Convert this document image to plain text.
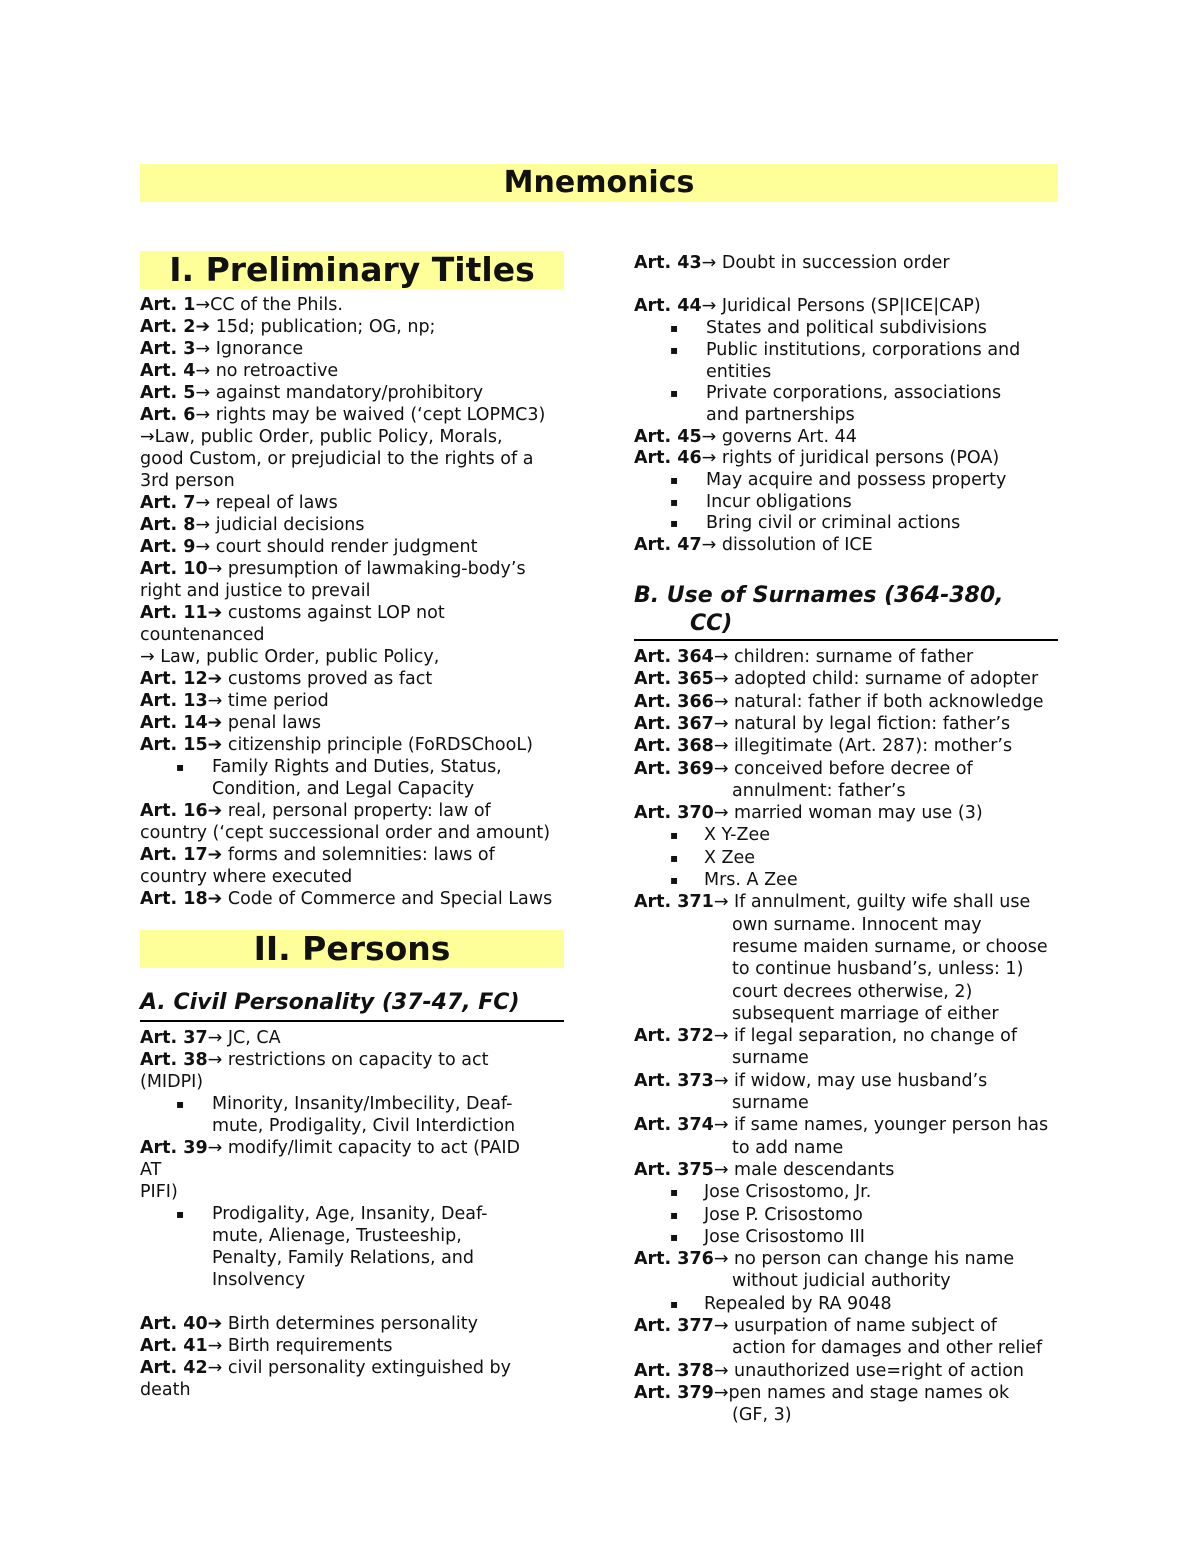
Mnemonics
I. Preliminary Titles
Art. 1→CC of the Phils.
Art. 2➔ 15d; publication; OG, np;
Art. 3→ Ignorance
Art. 4→ no retroactive
Art. 5→ against mandatory/prohibitory
Art. 6→ rights may be waived (‘cept LOPMC3)
→Law, public Order, public Policy, Morals,
good Custom, or prejudicial to the rights of a
3rd person
Art. 7→ repeal of laws
Art. 8→ judicial decisions
Art. 9→ court should render judgment
Art. 10→ presumption of lawmaking-body’s
right and justice to prevail
Art. 11➔ customs against LOP not
countenanced
→ Law, public Order, public Policy,
Art. 12➔ customs proved as fact
Art. 13→ time period
Art. 14➔ penal laws
Art. 15➔ citizenship principle (FoRDSChooL)
Family Rights and Duties, Status,
▪
Condition, and Legal Capacity
Art. 16➔ real, personal property: law of
country (‘cept successional order and amount)
Art. 17➔ forms and solemnities: laws of
country where executed
Art. 18➔ Code of Commerce and Special Laws
II. Persons
A. Civil Personality (37-47, FC)
Art. 37→ JC, CA
Art. 38→ restrictions on capacity to act
(MIDPI)
Minority, Insanity/Imbecility, Deaf-
▪
mute, Prodigality, Civil Interdiction
Art. 39→ modify/limit capacity to act (PAID
AT
PIFI)
Prodigality, Age, Insanity, Deaf-
▪
mute, Alienage, Trusteeship,
Penalty, Family Relations, and
Insolvency
Art. 40➔ Birth determines personality
Art. 41→ Birth requirements
Art. 42→ civil personality extinguished by
death
Art. 43→ Doubt in succession order
Art. 44→ Juridical Persons (SP|ICE|CAP)
States and political subdivisions
▪
Public institutions, corporations and
▪
entities
Private corporations, associations
▪
and partnerships
Art. 45→ governs Art. 44
Art. 46→ rights of juridical persons (POA)
May acquire and possess property
▪
Incur obligations
▪
Bring civil or criminal actions
▪
Art. 47→ dissolution of ICE
B. Use of Surnames (364-380,
CC)
Art. 364→ children: surname of father
Art. 365→ adopted child: surname of adopter
Art. 366→ natural: father if both acknowledge
Art. 367→ natural by legal fiction: father’s
Art. 368→ illegitimate (Art. 287): mother’s
Art. 369→ conceived before decree of
annulment: father’s
Art. 370→ married woman may use (3)
X Y-Zee
▪
X Zee
▪
Mrs. A Zee
▪
Art. 371→ If annulment, guilty wife shall use
own surname. Innocent may
resume maiden surname, or choose
to continue husband’s, unless: 1)
court decrees otherwise, 2)
subsequent marriage of either
Art. 372→ if legal separation, no change of
surname
Art. 373→ if widow, may use husband’s
surname
Art. 374→ if same names, younger person has
to add name
Art. 375→ male descendants
Jose Crisostomo, Jr.
▪
Jose P. Crisostomo
▪
Jose Crisostomo III
▪
Art. 376→ no person can change his name
without judicial authority
Repealed by RA 9048
▪
Art. 377→ usurpation of name subject of
action for damages and other relief
Art. 378→ unauthorized use=right of action
Art. 379→pen names and stage names ok
(GF, 3)
